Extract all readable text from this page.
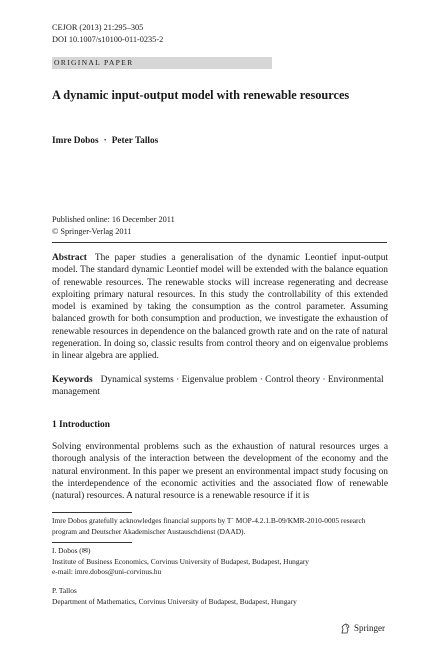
CEJOR (2013) 21:295–305
DOI 10.1007/s10100-011-0235-2
ORIGINAL PAPER
A dynamic input-output model with renewable resources
Imre Dobos · Peter Tallos
Published online: 16 December 2011
© Springer-Verlag 2011
Abstract The paper studies a generalisation of the dynamic Leontief input-output model. The standard dynamic Leontief model will be extended with the balance equation of renewable resources. The renewable stocks will increase regenerating and decrease exploiting primary natural resources. In this study the controllability of this extended model is examined by taking the consumption as the control parameter. Assuming balanced growth for both consumption and production, we investigate the exhaustion of renewable resources in dependence on the balanced growth rate and on the rate of natural regeneration. In doing so, classic results from control theory and on eigenvalue problems in linear algebra are applied.
Keywords Dynamical systems · Eigenvalue problem · Control theory · Environmental management
1 Introduction
Solving environmental problems such as the exhaustion of natural resources urges a thorough analysis of the interaction between the development of the economy and the natural environment. In this paper we present an environmental impact study focusing on the interdependence of the economic activities and the associated flow of renewable (natural) resources. A natural resource is a renewable resource if it is
Imre Dobos gratefully acknowledges financial supports by T´ MOP-4.2.1.B-09/KMR-2010-0005 research program and Deutscher Akademischer Austauschdienst (DAAD).
I. Dobos (✉)
Institute of Business Economics, Corvinus University of Budapest, Budapest, Hungary
e-mail: imre.dobos@uni-corvinus.hu
P. Tallos
Department of Mathematics, Corvinus University of Budapest, Budapest, Hungary
Springer
